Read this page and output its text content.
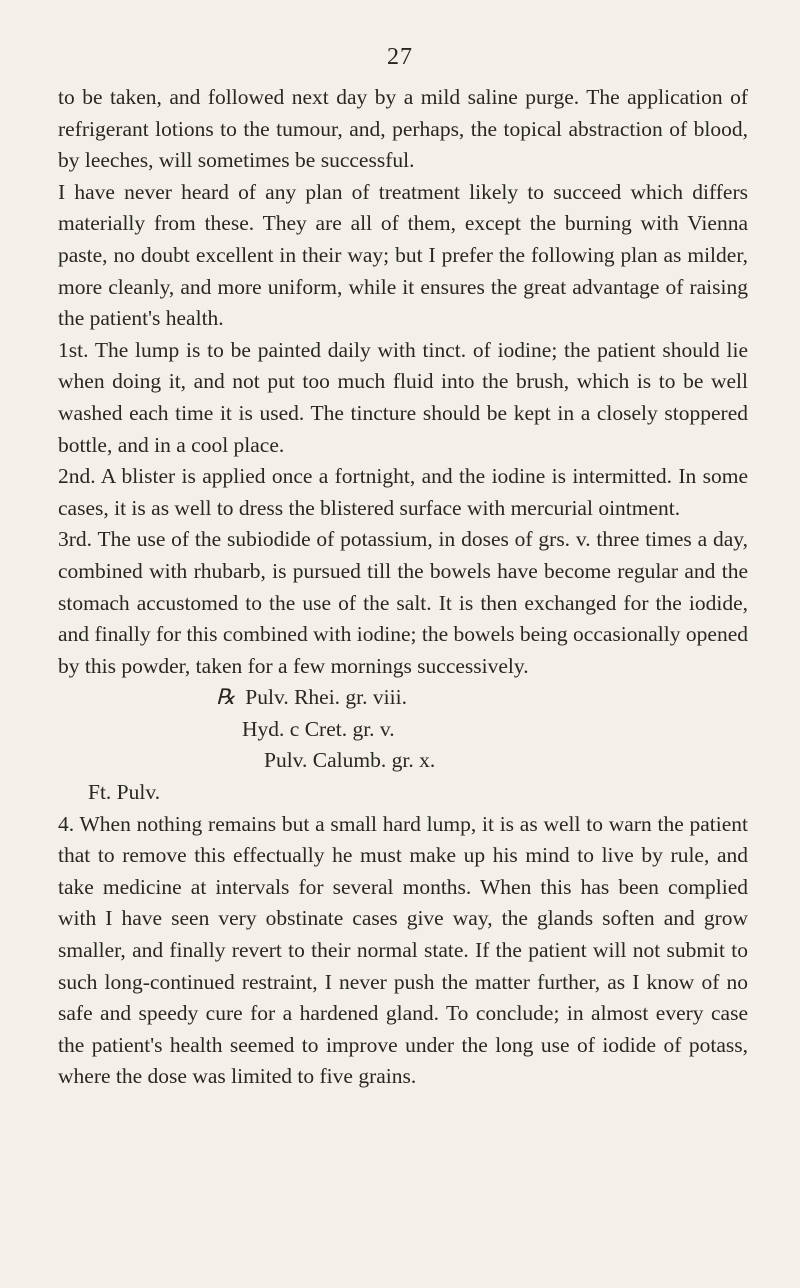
27

to be taken, and followed next day by a mild saline purge. The application of refrigerant lotions to the tumour, and, perhaps, the topical abstraction of blood, by leeches, will sometimes be successful.

I have never heard of any plan of treatment likely to succeed which differs materially from these. They are all of them, except the burning with Vienna paste, no doubt excellent in their way; but I prefer the following plan as milder, more cleanly, and more uniform, while it ensures the great advantage of raising the patient's health.

1st. The lump is to be painted daily with tinct. of iodine; the patient should lie when doing it, and not put too much fluid into the brush, which is to be well washed each time it is used. The tincture should be kept in a closely stoppered bottle, and in a cool place.

2nd. A blister is applied once a fortnight, and the iodine is intermitted. In some cases, it is as well to dress the blistered surface with mercurial ointment.

3rd. The use of the subiodide of potassium, in doses of grs. v. three times a day, combined with rhubarb, is pursued till the bowels have become regular and the stomach accustomed to the use of the salt. It is then exchanged for the iodide, and finally for this combined with iodine; the bowels being occasionally opened by this powder, taken for a few mornings successively.

℞ Pulv. Rhei. gr. viii.
Hyd. c Cret. gr. v.
Pulv. Calumb. gr. x.

Ft. Pulv.

4. When nothing remains but a small hard lump, it is as well to warn the patient that to remove this effectually he must make up his mind to live by rule, and take medicine at intervals for several months. When this has been complied with I have seen very obstinate cases give way, the glands soften and grow smaller, and finally revert to their normal state. If the patient will not submit to such long-continued restraint, I never push the matter further, as I know of no safe and speedy cure for a hardened gland. To conclude; in almost every case the patient's health seemed to improve under the long use of iodide of potass, where the dose was limited to five grains.
